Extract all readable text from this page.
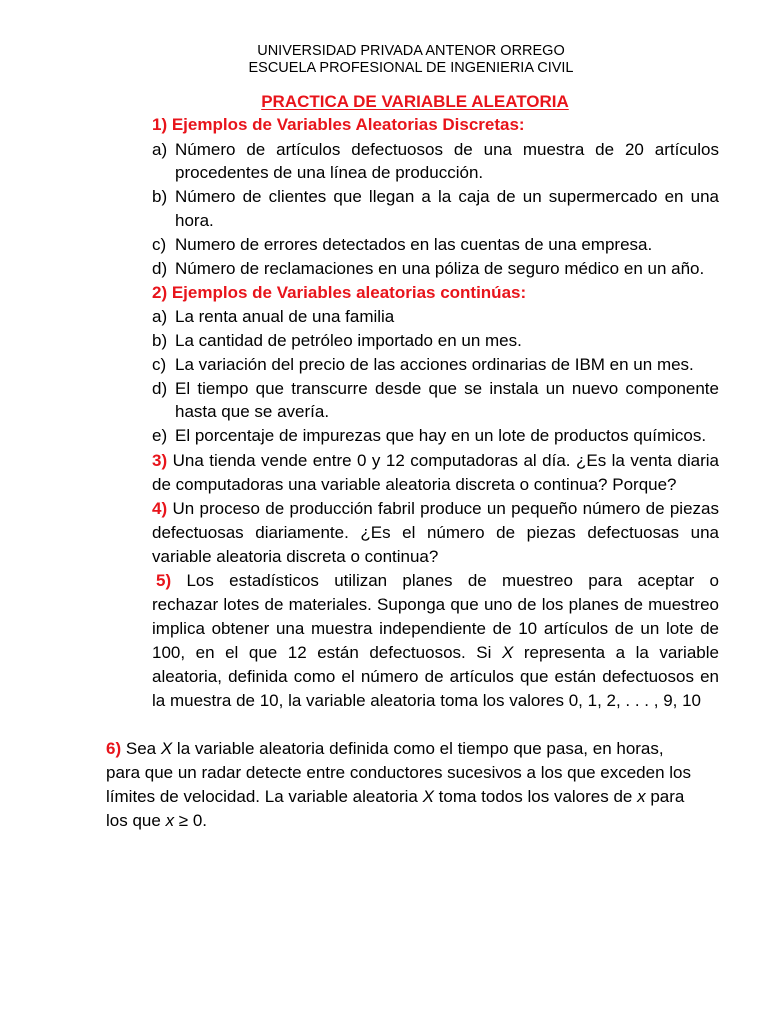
UNIVERSIDAD PRIVADA ANTENOR ORREGO
ESCUELA PROFESIONAL DE INGENIERIA CIVIL
PRACTICA DE VARIABLE ALEATORIA
1) Ejemplos de Variables Aleatorias Discretas:
a) Número de artículos defectuosos de una muestra de 20 artículos
procedentes de una línea de producción.
b) Número de clientes que llegan a la caja de un supermercado en una
hora.
c) Numero de errores detectados en las cuentas de una empresa.
d) Número de reclamaciones en una póliza de seguro médico en un año.
2) Ejemplos de Variables aleatorias continúas:
a) La renta anual de una familia
b) La cantidad de petróleo importado en un mes.
c) La variación del precio de las acciones ordinarias de IBM en un mes.
d) El tiempo que transcurre desde que se instala un nuevo componente
hasta que se avería.
e) El porcentaje de impurezas que hay en un lote de productos químicos.
3) Una tienda vende entre 0 y 12 computadoras al día. ¿Es la venta diaria
de computadoras una variable aleatoria discreta o continua? Porque?
4) Un proceso de producción fabril produce un pequeño número de piezas
defectuosas diariamente. ¿Es el número de piezas defectuosas una
variable aleatoria discreta o continua?
5) Los estadísticos utilizan planes de muestreo para aceptar o
rechazar lotes de materiales. Suponga que uno de los planes de muestreo
implica obtener una muestra independiente de 10 artículos de un lote de
100, en el que 12 están defectuosos. Si X representa a la variable
aleatoria, definida como el número de artículos que están defectuosos en
la muestra de 10, la variable aleatoria toma los valores 0, 1, 2, . . . , 9, 10
6) Sea X la variable aleatoria definida como el tiempo que pasa, en horas,
para que un radar detecte entre conductores sucesivos a los que exceden los
límites de velocidad. La variable aleatoria X toma todos los valores de x para
los que x ≥ 0.
